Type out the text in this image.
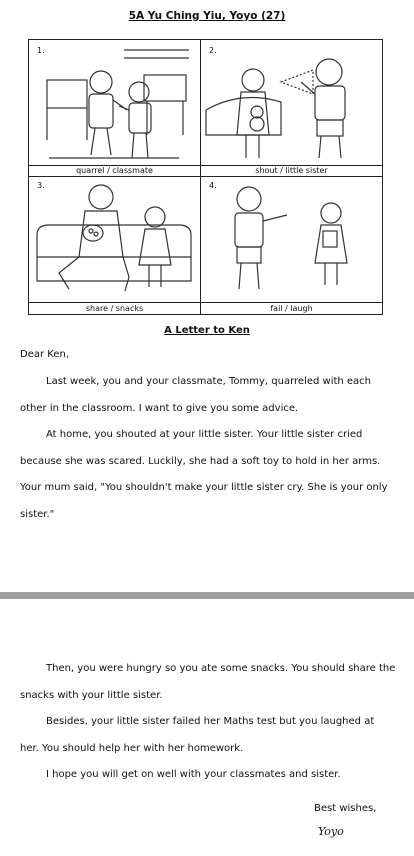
5A Yu Ching Yiu, Yoyo (27)
1.
quarrel / classmate
2.
shout / little sister
3.	4.
share / snacks	fail / laugh
A Letter to Ken
Dear Ken,
Last week, you and your classmate, Tommy, quarreled with each other in the classroom. I want to give you some advice.
At home, you shouted at your little sister. Your little sister cried because she was scared. Luckily, she had a soft toy to hold in her arms. Your mum said, "You shouldn't make your little sister cry. She is your only sister."
Then, you were hungry so you ate some snacks. You should share the snacks with your little sister.
Besides, your little sister failed her Maths test but you laughed at her. You should help her with her homework.
I hope you will get on well with your classmates and sister.
Best wishes,
Yoyo
